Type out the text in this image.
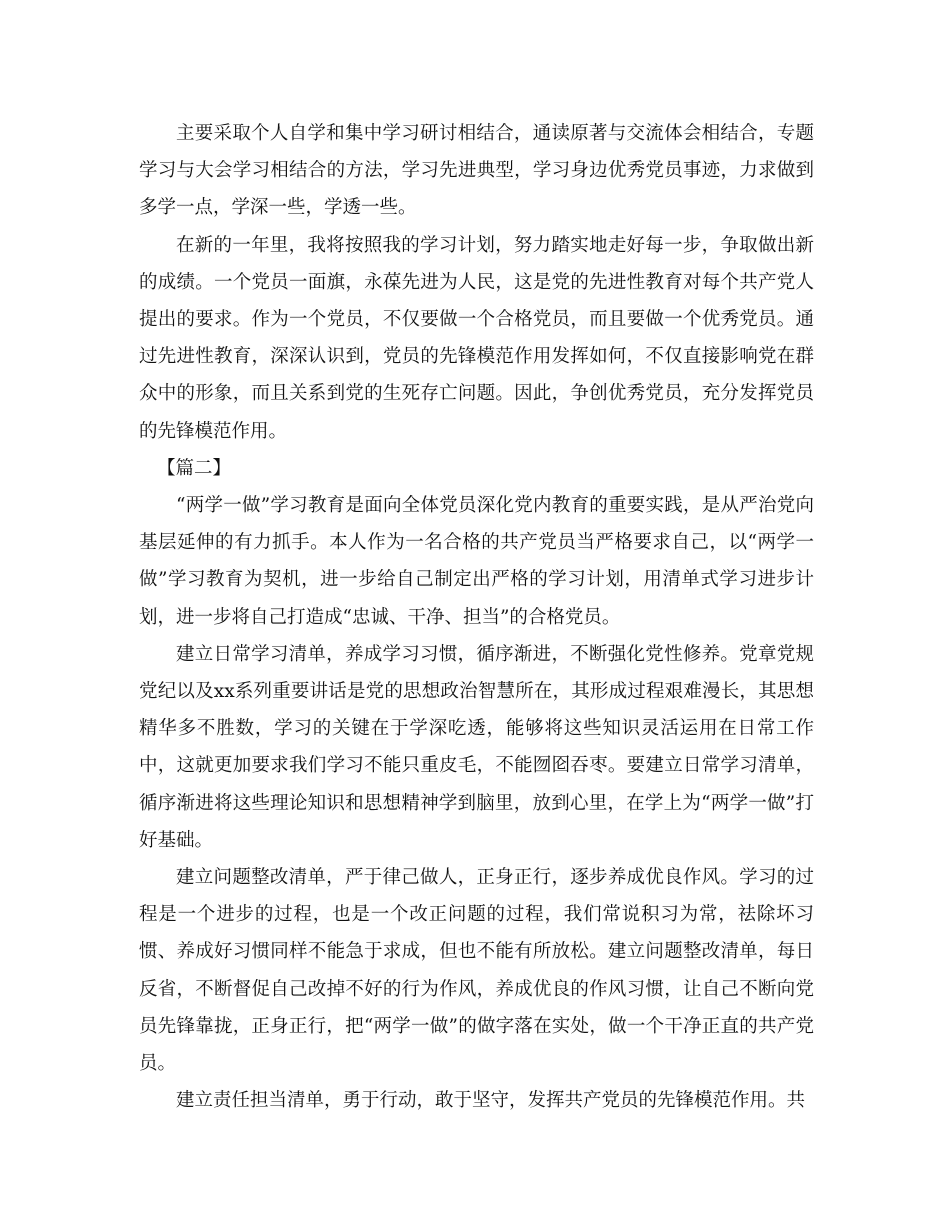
主要采取个人自学和集中学习研讨相结合，通读原著与交流体会相结合，专题学习与大会学习相结合的方法，学习先进典型，学习身边优秀党员事迹，力求做到多学一点，学深一些，学透一些。

在新的一年里，我将按照我的学习计划，努力踏实地走好每一步，争取做出新的成绩。一个党员一面旗，永葆先进为人民，这是党的先进性教育对每个共产党人提出的要求。作为一个党员，不仅要做一个合格党员，而且要做一个优秀党员。通过先进性教育，深深认识到，党员的先锋模范作用发挥如何，不仅直接影响党在群众中的形象，而且关系到党的生死存亡问题。因此，争创优秀党员，充分发挥党员的先锋模范作用。

【篇二】

“两学一做”学习教育是面向全体党员深化党内教育的重要实践，是从严治党向基层延伸的有力抓手。本人作为一名合格的共产党员当严格要求自己，以“两学一做”学习教育为契机，进一步给自己制定出严格的学习计划，用清单式学习进步计划，进一步将自己打造成“忠诚、干净、担当”的合格党员。

建立日常学习清单，养成学习习惯，循序渐进，不断强化党性修养。党章党规党纪以及xx系列重要讲话是党的思想政治智慧所在，其形成过程艰难漫长，其思想精华多不胜数，学习的关键在于学深吃透，能够将这些知识灵活运用在日常工作中，这就更加要求我们学习不能只重皮毛，不能囫囵吞枣。要建立日常学习清单，循序渐进将这些理论知识和思想精神学到脑里，放到心里，在学上为“两学一做”打好基础。

建立问题整改清单，严于律己做人，正身正行，逐步养成优良作风。学习的过程是一个进步的过程，也是一个改正问题的过程，我们常说积习为常，祛除坏习惯、养成好习惯同样不能急于求成，但也不能有所放松。建立问题整改清单，每日反省，不断督促自己改掉不好的行为作风，养成优良的作风习惯，让自己不断向党员先锋靠拢，正身正行，把“两学一做”的做字落在实处，做一个干净正直的共产党员。

建立责任担当清单，勇于行动，敢于坚守，发挥共产党员的先锋模范作用。共
